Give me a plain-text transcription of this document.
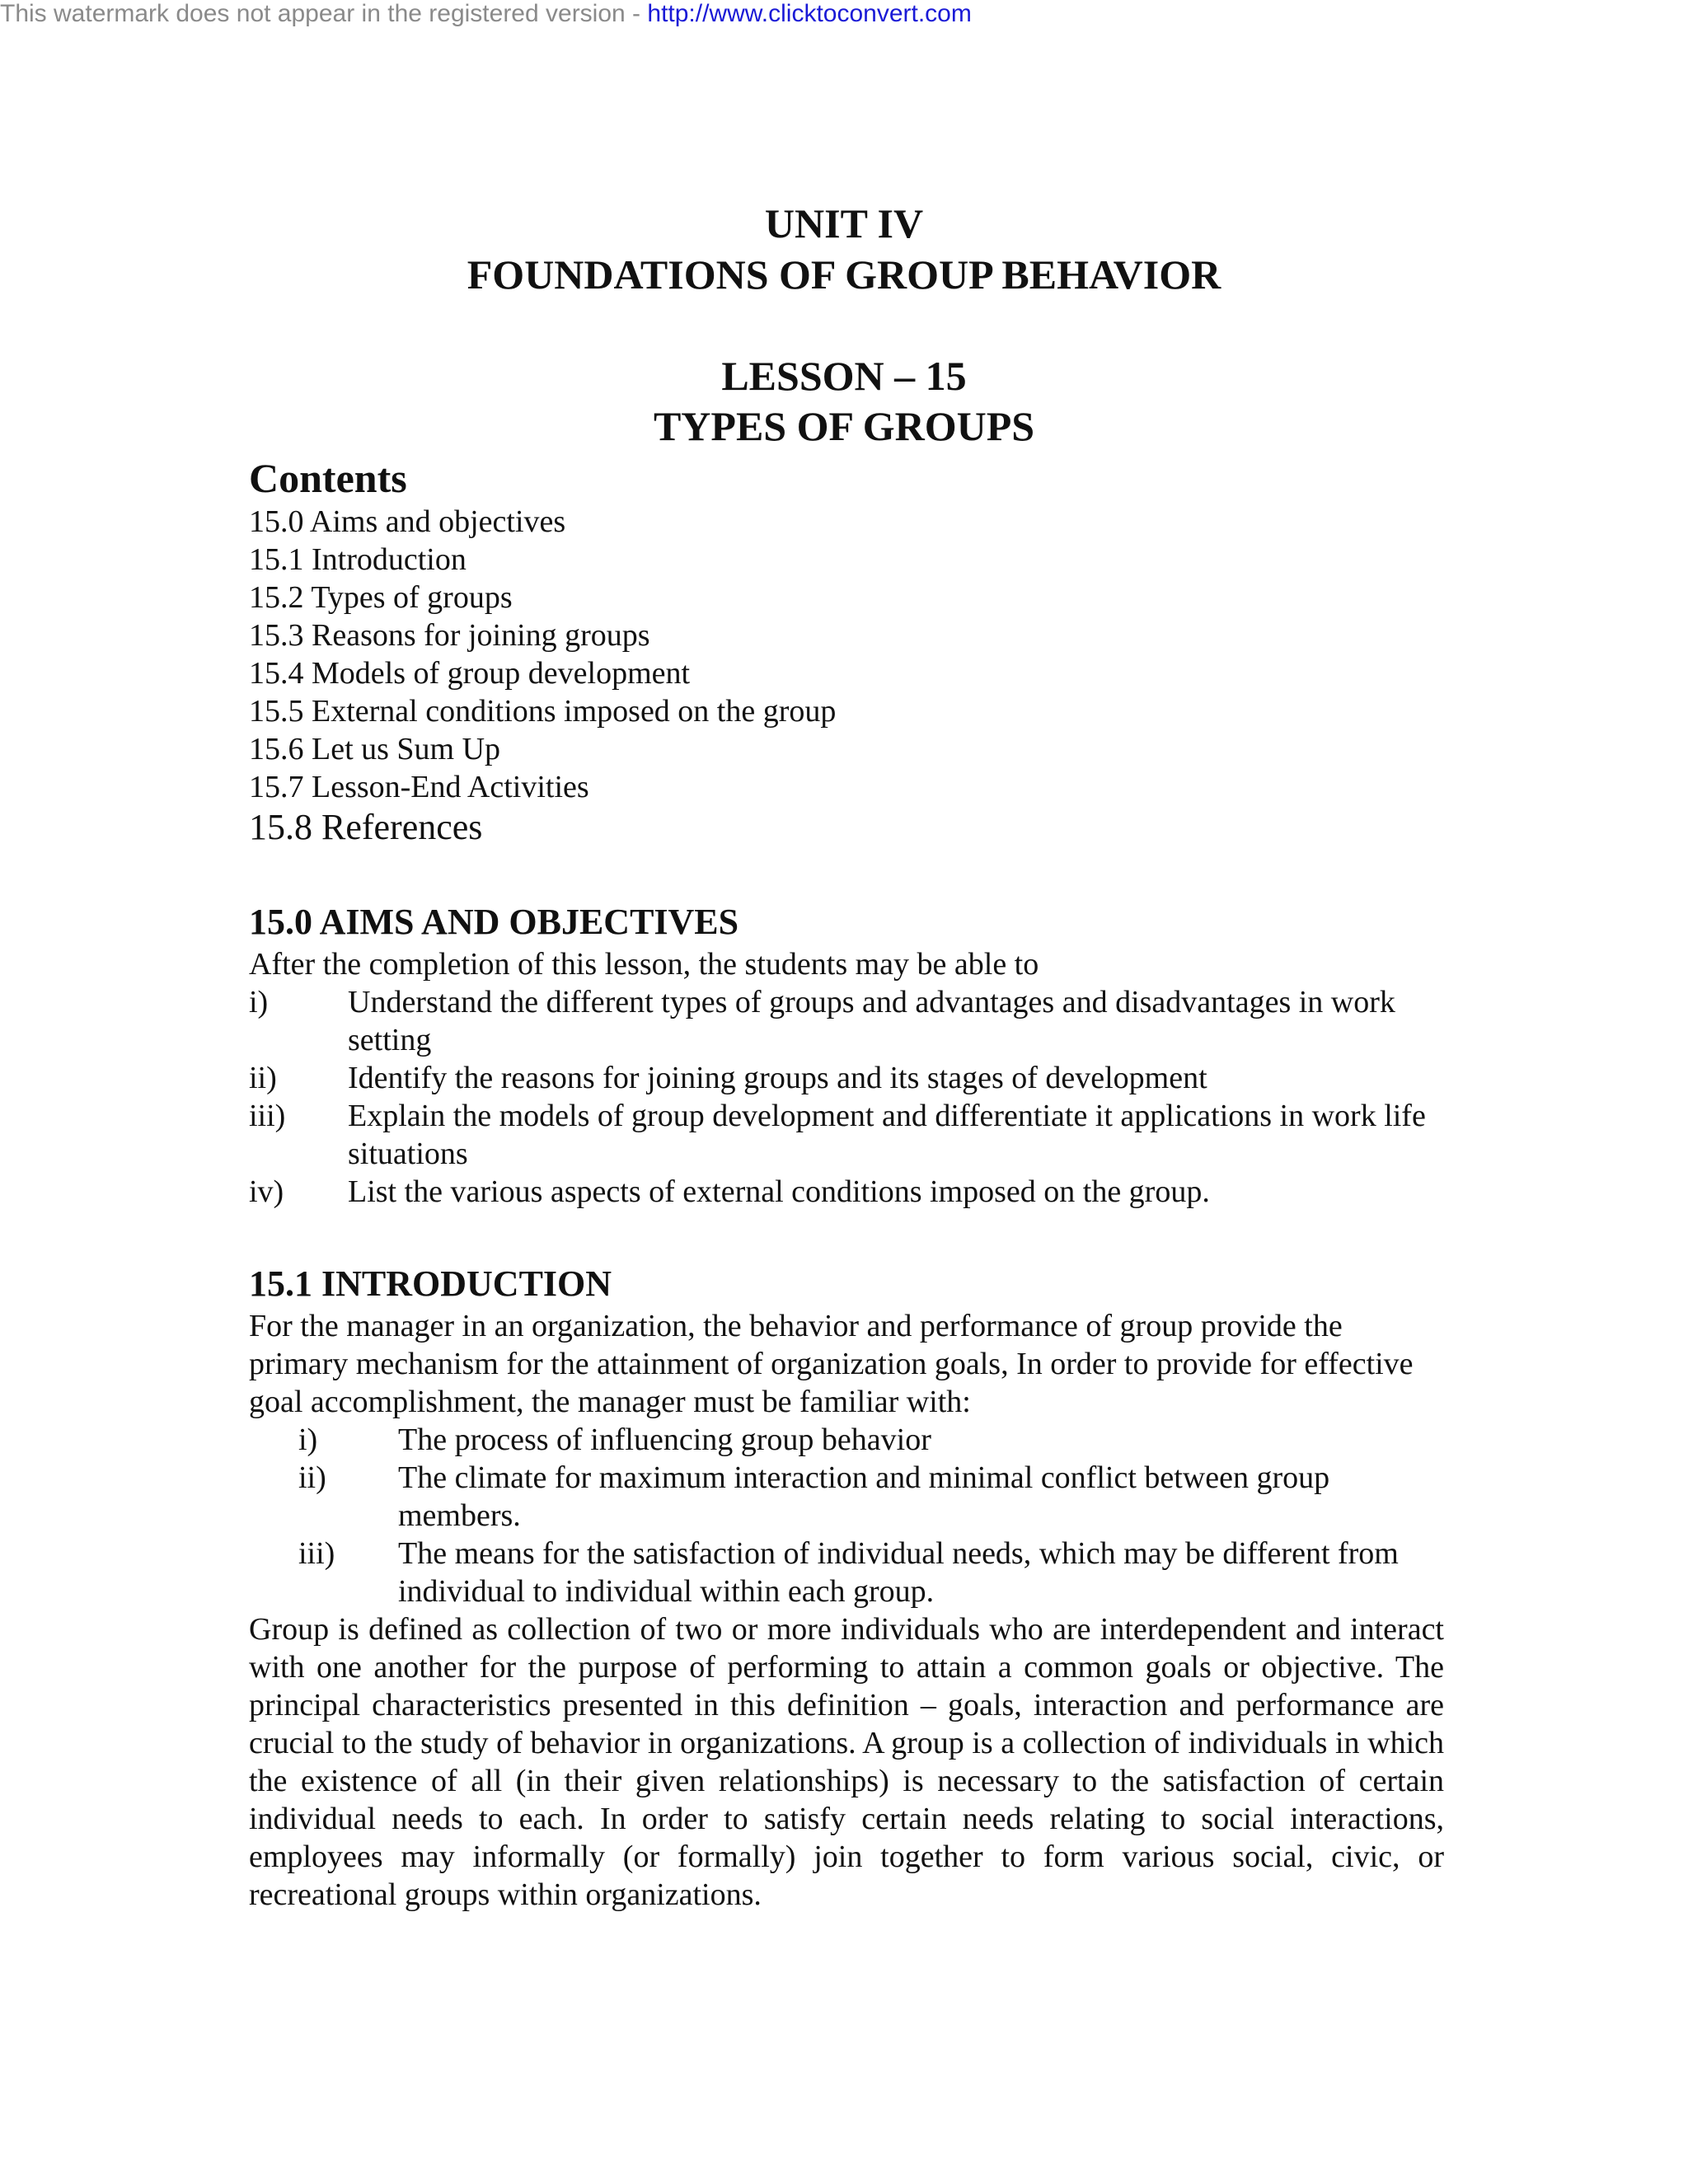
This watermark does not appear in the registered version - http://www.clicktoconvert.com
UNIT IV
FOUNDATIONS OF GROUP BEHAVIOR
LESSON – 15
TYPES OF GROUPS
Contents
15.0 Aims and objectives
15.1 Introduction
15.2 Types of groups
15.3 Reasons for joining groups
15.4 Models of group development
15.5 External conditions imposed on the group
15.6 Let us Sum Up
15.7 Lesson-End Activities
15.8 References
15.0 AIMS AND OBJECTIVES
After the completion of this lesson, the students may be able to
i)	Understand the different types of groups and advantages and disadvantages in work setting
ii)	Identify the reasons for joining groups and its stages of development
iii)	Explain the models of group development and differentiate it applications in work life situations
iv)	List the various aspects of external conditions imposed on the group.
15.1 INTRODUCTION
For the manager in an organization, the behavior and performance of group provide the primary mechanism for the attainment of organization goals, In order to provide for effective goal accomplishment, the manager must be familiar with:
i)	The process of influencing group behavior
ii)	The climate for maximum interaction and minimal conflict between group members.
iii)	The means for the satisfaction of individual needs, which may be different from individual to individual within each group.
Group is defined as collection of two or more individuals who are interdependent and interact with one another for the purpose of performing to attain a common goals or objective. The principal characteristics presented in this definition – goals, interaction and performance are crucial to the study of behavior in organizations. A group is a collection of individuals in which the existence of all (in their given relationships) is necessary to the satisfaction of certain individual needs to each. In order to satisfy certain needs relating to social interactions, employees may informally (or formally) join together to form various social, civic, or recreational groups within organizations.
